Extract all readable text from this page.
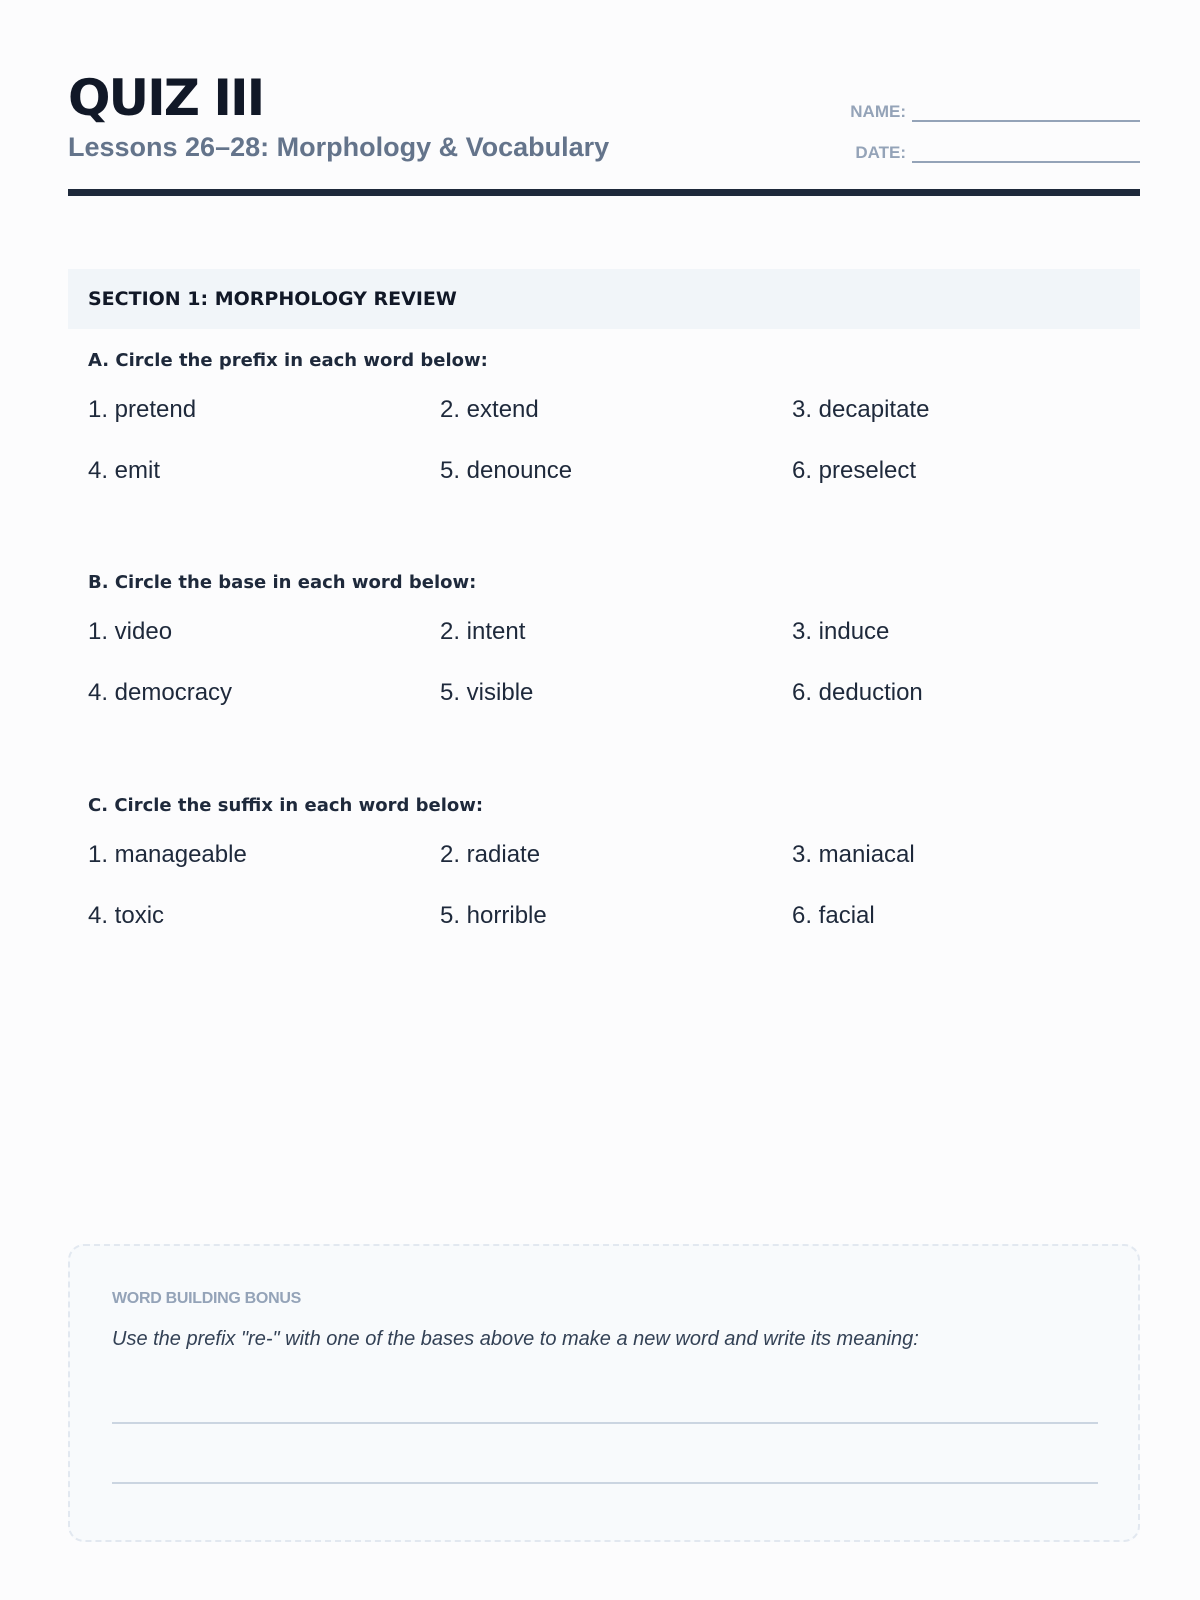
QUIZ III
Lessons 26–28: Morphology & Vocabulary
NAME:
DATE:
SECTION 1: MORPHOLOGY REVIEW
A. Circle the prefix in each word below:
1. pretend	2. extend	3. decapitate
4. emit	5. denounce	6. preselect
B. Circle the base in each word below:
1. video	2. intent	3. induce
4. democracy	5. visible	6. deduction
C. Circle the suffix in each word below:
1. manageable	2. radiate	3. maniacal
4. toxic	5. horrible	6. facial
WORD BUILDING BONUS
Use the prefix "re-" with one of the bases above to make a new word and write its meaning:
